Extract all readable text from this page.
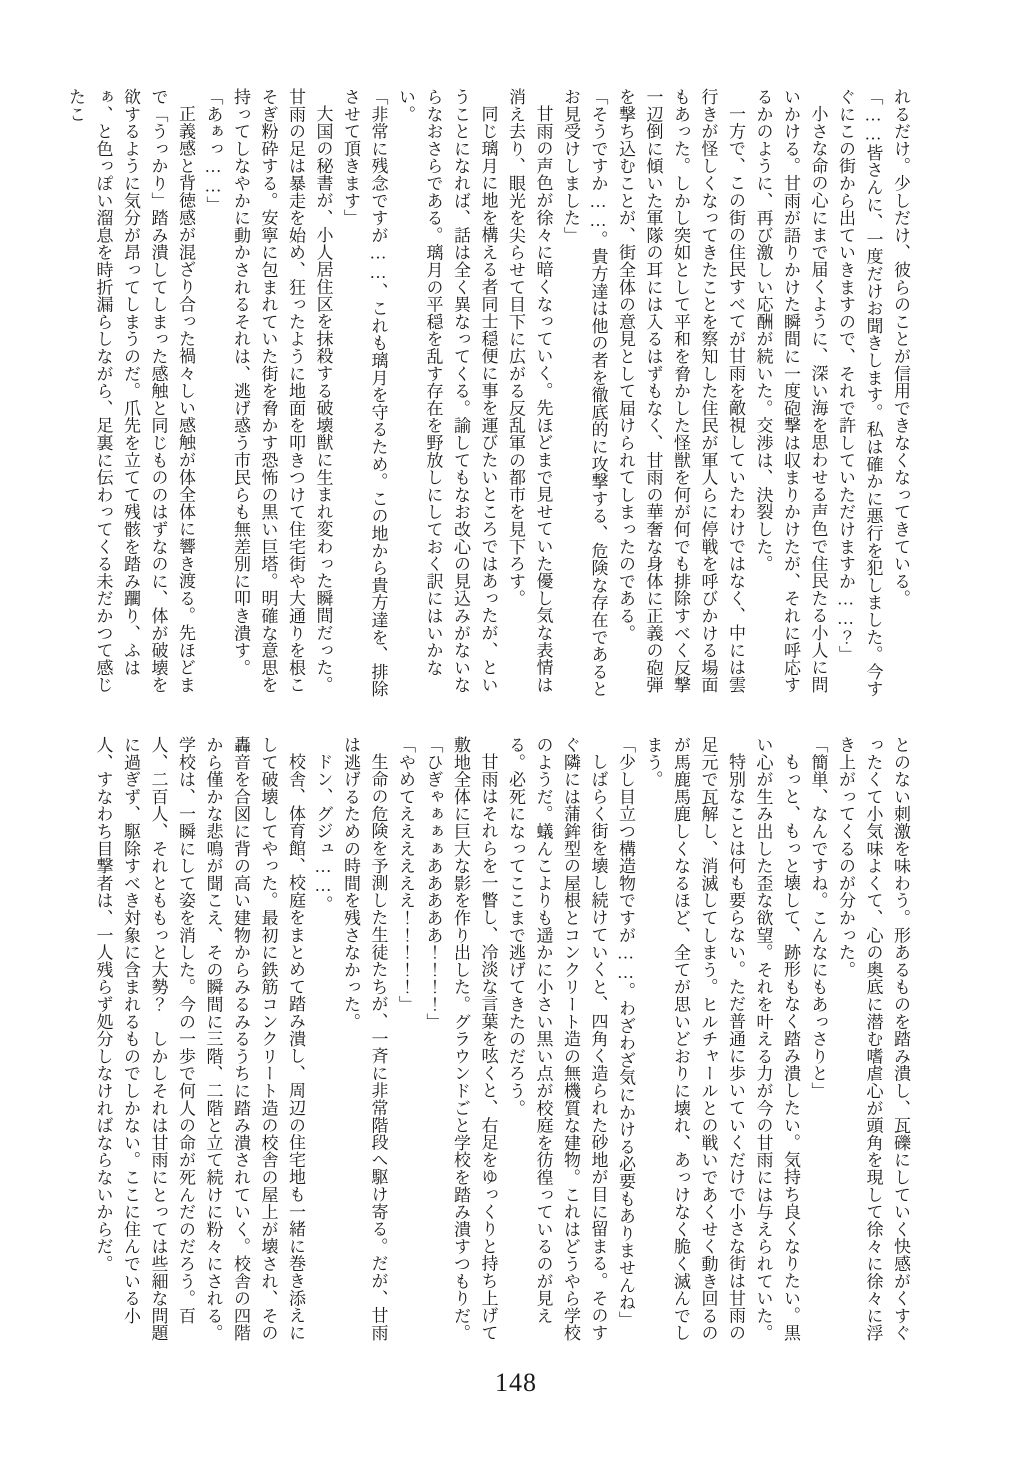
れるだけ。少しだけ、彼らのことが信用できなくなってきている。

「……皆さんに、一度だけお聞きします。私は確かに悪行を犯しました。今すぐにこの街から出ていきますので、それで許していただけますか……？」

小さな命の心にまで届くように、深い海を思わせる声色で住民たる小人に問いかける。甘雨が語りかけた瞬間に一度砲撃は収まりかけたが、それに呼応するかのように、再び激しい応酬が続いた。交渉は、決裂した。

一方で、この街の住民すべてが甘雨を敵視していたわけではなく、中には雲行きが怪しくなってきたことを察知した住民が軍人らに停戦を呼びかける場面もあった。しかし突如として平和を脅かした怪獣を何が何でも排除すべく反撃一辺倒に傾いた軍隊の耳には入るはずもなく、甘雨の華奢な身体に正義の砲弾を撃ち込むことが、街全体の意見として届けられてしまったのである。

「そうですか……。貴方達は他の者を徹底的に攻撃する、危険な存在であるとお見受けしました」

甘雨の声色が徐々に暗くなっていく。先ほどまで見せていた優し気な表情は消え去り、眼光を尖らせて目下に広がる反乱軍の都市を見下ろす。

同じ璃月に地を構える者同士穏便に事を運びたいところではあったが、ということになれば、話は全く異なってくる。諭してもなお改心の見込みがないならなおさらである。璃月の平穏を乱す存在を野放しにしておく訳にはいかない。

「非常に残念ですが……、これも璃月を守るため。この地から貴方達を、排除させて頂きます」

大国の秘書が、小人居住区を抹殺する破壊獣に生まれ変わった瞬間だった。甘雨の足は暴走を始め、狂ったように地面を叩きつけて住宅街や大通りを根こそぎ粉砕する。安寧に包まれていた街を脅かす恐怖の黒い巨塔。明確な意思を持ってしなやかに動かされるそれは、逃げ惑う市民らも無差別に叩き潰す。

「あぁっ……」

正義感と背徳感が混ざり合った禍々しい感触が体全体に響き渡る。先ほどまで「うっかり」踏み潰してしまった感触と同じもののはずなのに、体が破壊を欲するように気分が昂ってしまうのだ。爪先を立てて残骸を踏み躙り、ふはぁ、と色っぽい溜息を時折漏らしながら、足裏に伝わってくる未だかつて感じたこ

とのない刺激を味わう。形あるものを踏み潰し、瓦礫にしていく快感がくすぐったくて小気味よくて、心の奥底に潜む嗜虐心が頭角を現して徐々に徐々に浮き上がってくるのが分かった。

「簡単、なんですね。こんなにもあっさりと」

もっと、もっと壊して、跡形もなく踏み潰したい。気持ち良くなりたい。黒い心が生み出した歪な欲望。それを叶える力が今の甘雨には与えられていた。

特別なことは何も要らない。ただ普通に歩いていくだけで小さな街は甘雨の足元で瓦解し、消滅してしまう。ヒルチャールとの戦いであくせく動き回るのが馬鹿馬鹿しくなるほど、全てが思いどおりに壊れ、あっけなく脆く滅んでしまう。

「少し目立つ構造物ですが……。わざわざ気にかける必要もありませんね」

しばらく街を壊し続けていくと、四角く造られた砂地が目に留まる。そのすぐ隣には蒲鉾型の屋根とコンクリート造の無機質な建物。これはどうやら学校のようだ。蟻んこよりも遥かに小さい黒い点が校庭を彷徨っているのが見える。必死になってここまで逃げてきたのだろう。

甘雨はそれらを一瞥し、冷淡な言葉を呟くと、右足をゆっくりと持ち上げて敷地全体に巨大な影を作り出した。グラウンドごと学校を踏み潰すつもりだ。

「ひぎゃぁぁぁあああああ！！！！」

「やめてええええええ！！！！！」

生命の危険を予測した生徒たちが、一斉に非常階段へ駆け寄る。だが、甘雨は逃げるための時間を残さなかった。

ドン、グジュ……。

校舎、体育館、校庭をまとめて踏み潰し、周辺の住宅地も一緒に巻き添えにして破壊してやった。最初に鉄筋コンクリート造の校舎の屋上が壊され、その轟音を合図に背の高い建物からみるみるうちに踏み潰されていく。校舎の四階から僅かな悲鳴が聞こえ、その瞬間に三階、二階と立て続けに粉々にされる。学校は、一瞬にして姿を消した。今の一歩で何人の命が死んだのだろう。百人、二百人、それとももっと大勢？　しかしそれは甘雨にとっては些細な問題に過ぎず、駆除すべき対象に含まれるものでしかない。ここに住んでいる小人、すなわち目撃者は、一人残らず処分しなければならないからだ。

148
